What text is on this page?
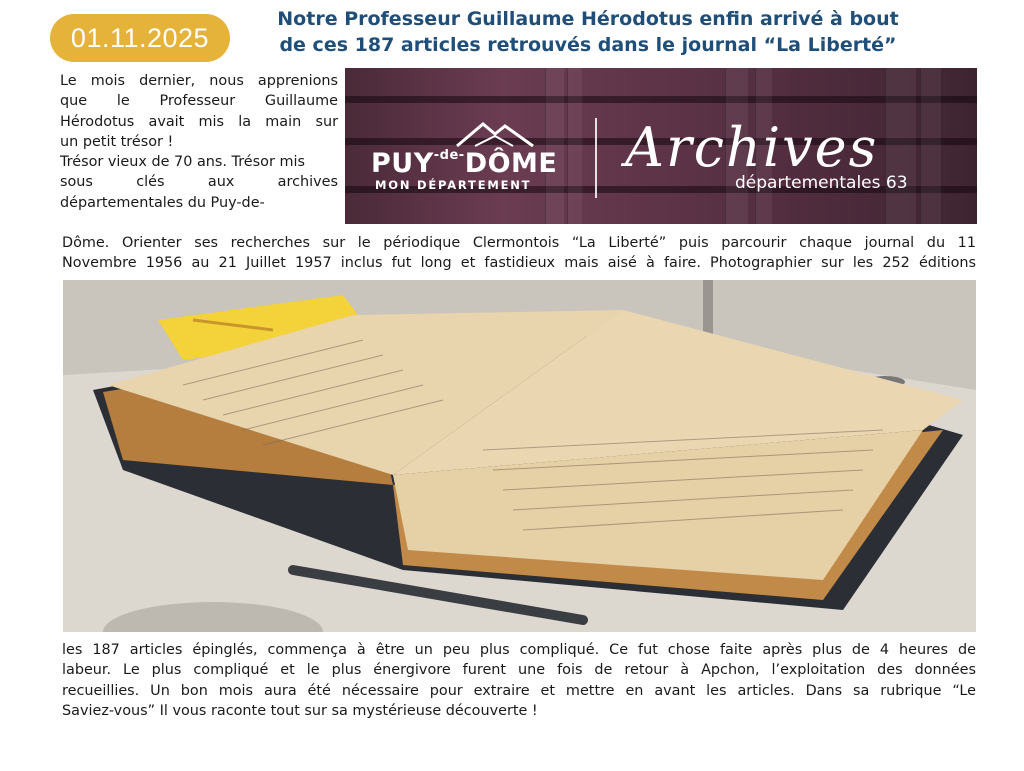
01.11.2025
Notre Professeur Guillaume Hérodotus enfin arrivé à bout
de ces 187 articles retrouvés dans le journal “La Liberté”
Le mois dernier, nous apprenions
que le Professeur Guillaume
Hérodotus avait mis la main sur
un petit trésor !
Trésor vieux de 70 ans. Trésor mis
sous clés aux archives
départementales du Puy-de-
$PUY^{-de-}DÔME$
MON DÉPARTEMENT
Archives
départementales 63
Dôme. Orienter ses recherches sur le périodique Clermontois “La Liberté” puis parcourir chaque journal du 11
Novembre 1956 au 21 Juillet 1957 inclus fut long et fastidieux mais aisé à faire. Photographier sur les 252 éditions
les 187 articles épinglés, commença à être un peu plus compliqué. Ce fut chose faite après plus de 4 heures de
labeur. Le plus compliqué et le plus énergivore furent une fois de retour à Apchon, l’exploitation des données
recueillies. Un bon mois aura été nécessaire pour extraire et mettre en avant les articles. Dans sa rubrique “Le
Saviez-vous” Il vous raconte tout sur sa mystérieuse découverte !
